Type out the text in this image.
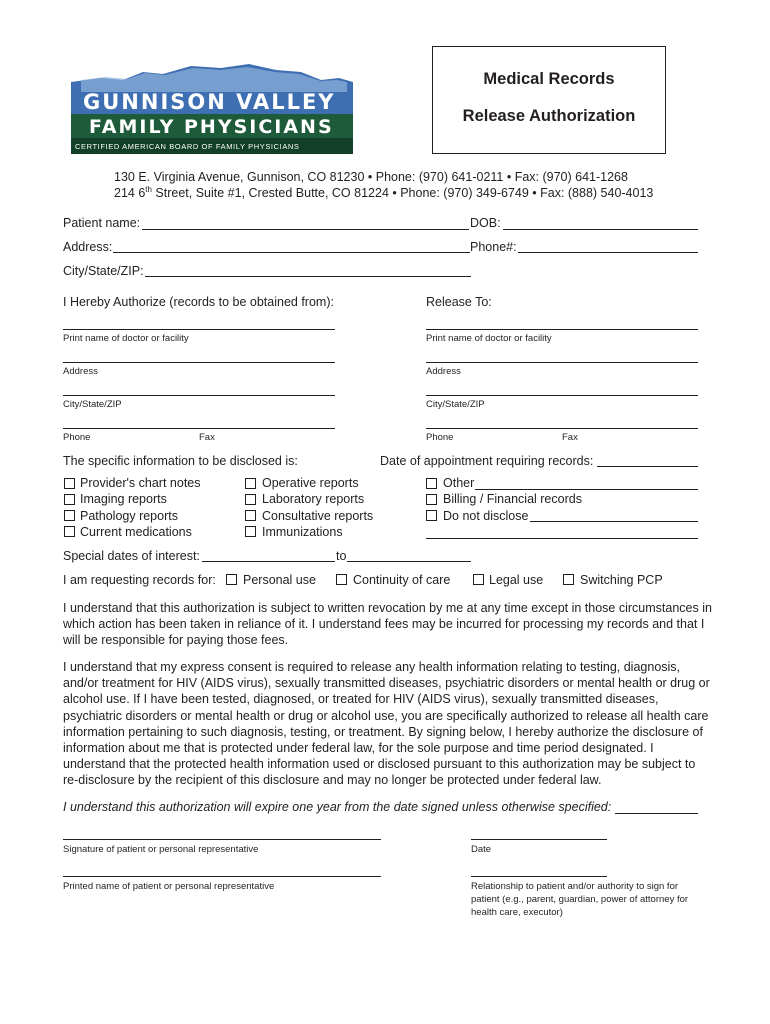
GUNNISON VALLEY
FAMILY PHYSICIANS
CERTIFIED AMERICAN BOARD OF FAMILY PHYSICIANS
Medical Records
Release Authorization
130 E. Virginia Avenue, Gunnison, CO 81230 • Phone: (970) 641-0211 • Fax: (970) 641-1268
214 6th Street, Suite #1, Crested Butte, CO 81224 • Phone: (970) 349-6749 • Fax: (888) 540-4013
Patient name:	DOB:
Address:	Phone#:
City/State/ZIP:
I Hereby Authorize (records to be obtained from):	Release To:
Print name of doctor or facility	Print name of doctor or facility
Address	Address
City/State/ZIP	City/State/ZIP
Phone	Fax	Phone	Fax
The specific information to be disclosed is:	Date of appointment requiring records:
Provider's chart notes
Imaging reports
Pathology reports
Current medications
Operative reports
Laboratory reports
Consultative reports
Immunizations
Other
Billing / Financial records
Do not disclose
Special dates of interest:	to
I am requesting records for: Personal use	Continuity of care	Legal use	Switching PCP
I understand that this authorization is subject to written revocation by me at any time except in those circumstances in which action has been taken in reliance of it. I understand fees may be incurred for processing my records and that I will be responsible for paying those fees.
I understand that my express consent is required to release any health information relating to testing, diagnosis, and/or treatment for HIV (AIDS virus), sexually transmitted diseases, psychiatric disorders or mental health or drug or alcohol use. If I have been tested, diagnosed, or treated for HIV (AIDS virus), sexually transmitted diseases, psychiatric disorders or mental health or drug or alcohol use, you are specifically authorized to release all health care information pertaining to such diagnosis, testing, or treatment. By signing below, I hereby authorize the disclosure of information about me that is protected under federal law, for the sole purpose and time period designated. I understand that the protected health information used or disclosed pursuant to this authorization may be subject to re-disclosure by the recipient of this disclosure and may no longer be protected under federal law.
I understand this authorization will expire one year from the date signed unless otherwise specified:
Signature of patient or personal representative	Date
Printed name of patient or personal representative	Relationship to patient and/or authority to sign for
patient (e.g., parent, guardian, power of attorney for
health care, executor)
